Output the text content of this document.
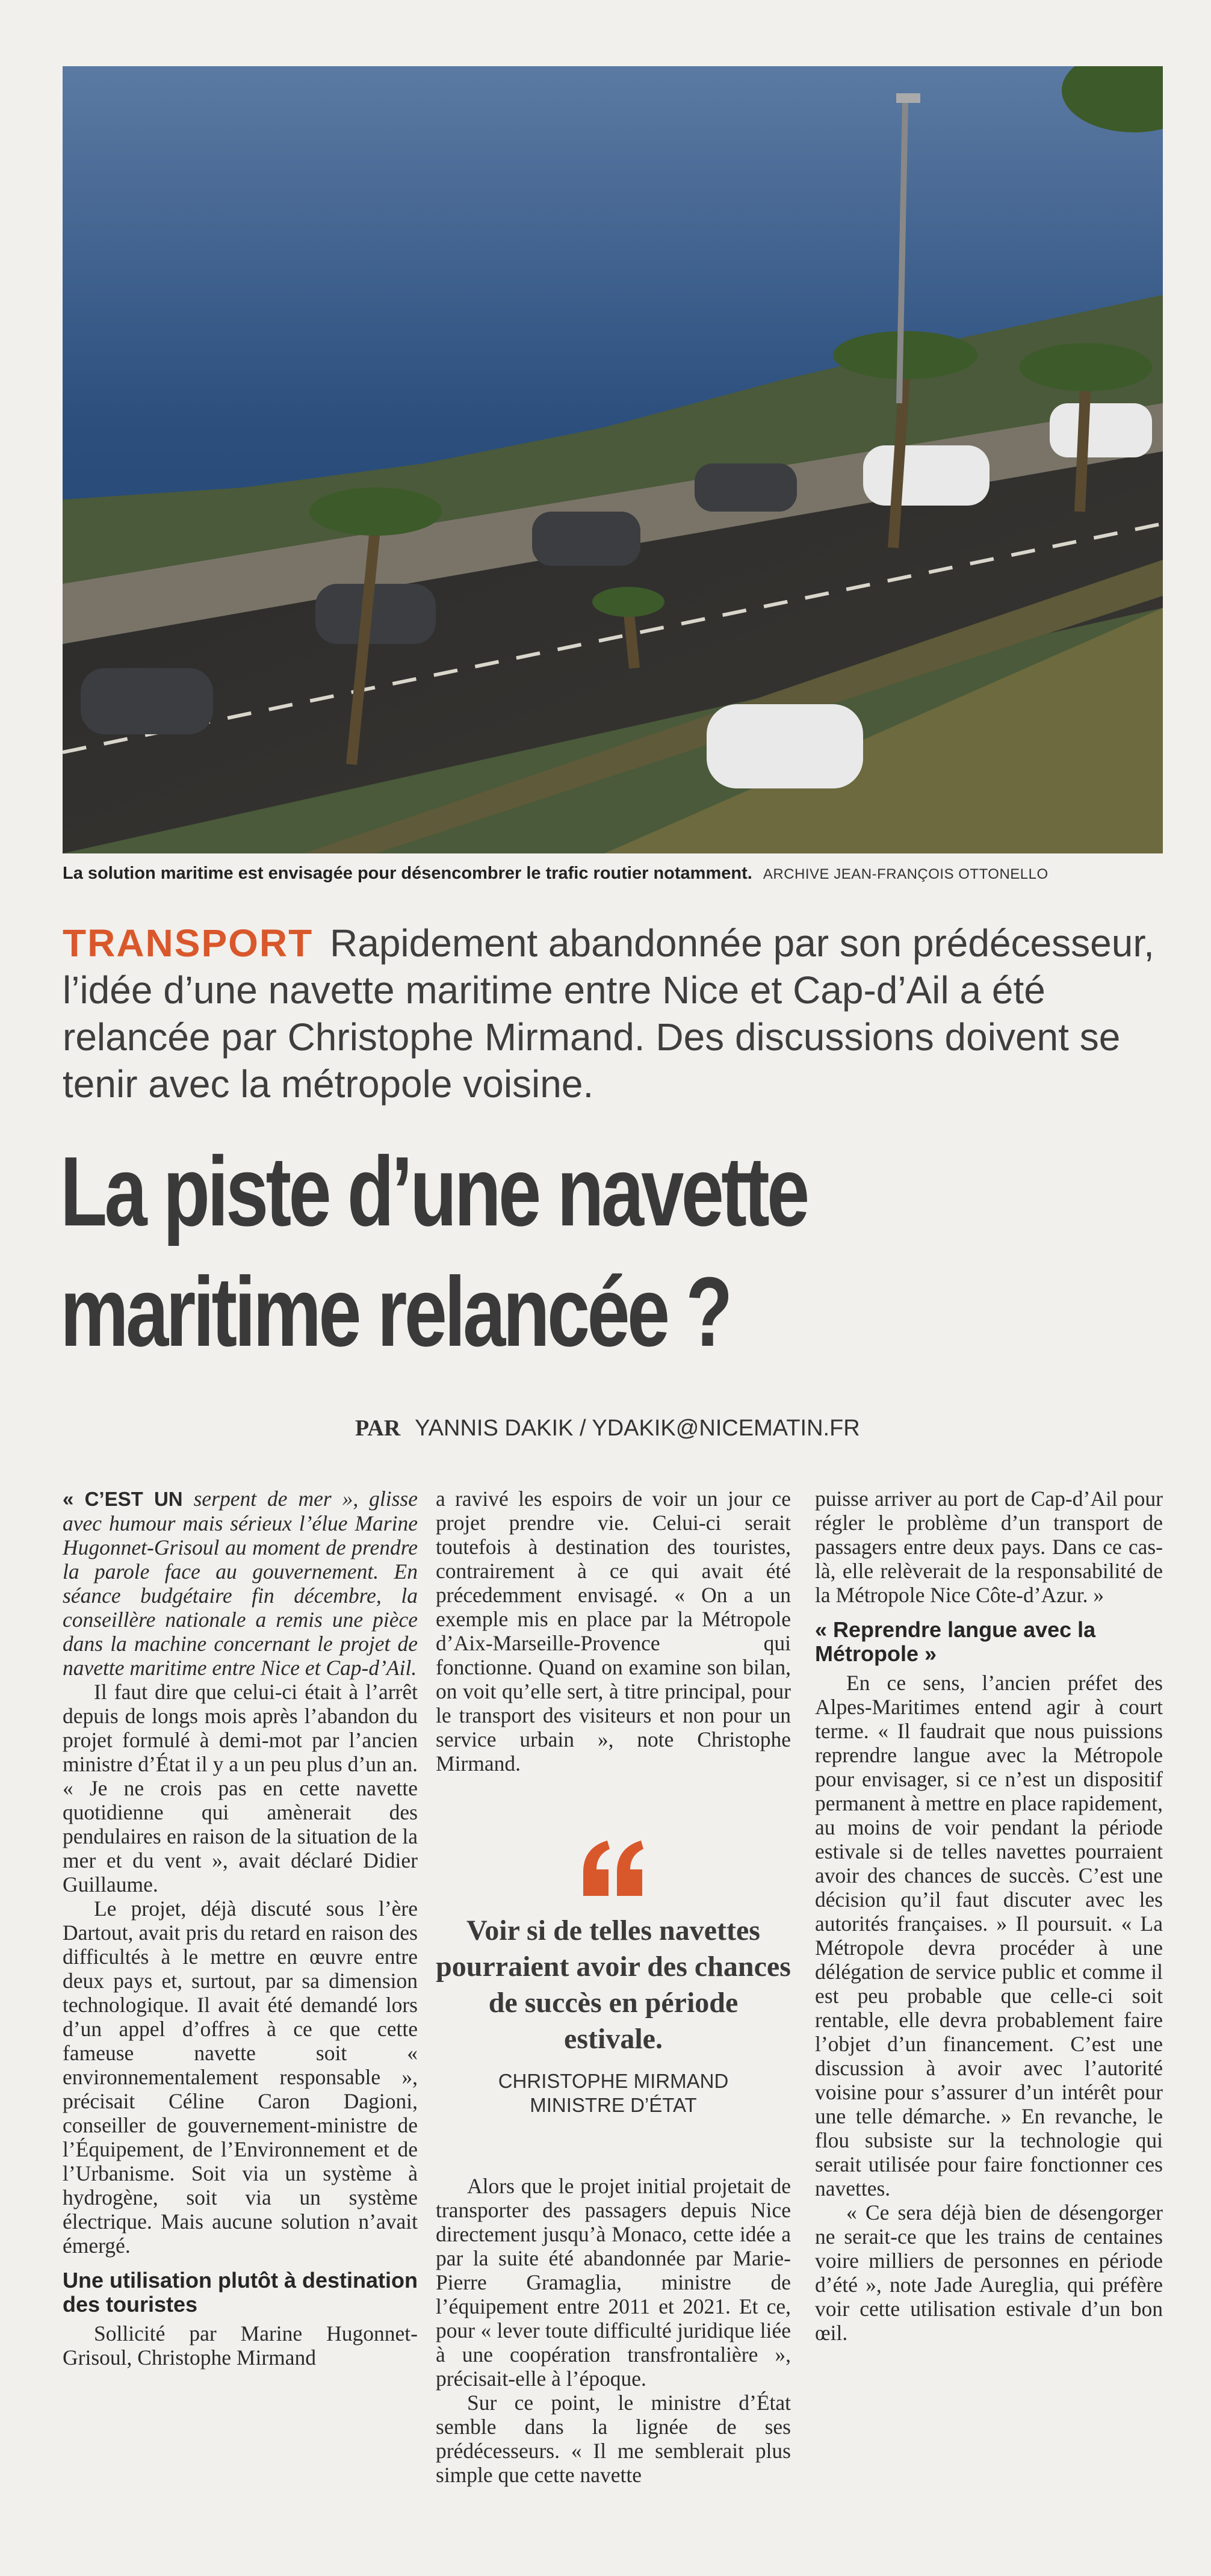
La solution maritime est envisagée pour désencombrer le trafic routier notamment. ARCHIVE JEAN-FRANÇOIS OTTONELLO
TRANSPORT Rapidement abandonnée par son prédécesseur, l’idée d’une navette maritime entre Nice et Cap-d’Ail a été relancée par Christophe Mirmand. Des discussions doivent se tenir avec la métropole voisine.
La piste d’une navette
maritime relancée ?
PAR YANNIS DAKIK / YDAKIK@NICEMATIN.FR

« C’EST UN serpent de mer », glisse avec humour mais sérieux l’élue Marine Hugonnet-Grisoul au moment de prendre la parole face au gouvernement. En séance budgétaire fin décembre, la conseillère nationale a remis une pièce dans la machine concernant le projet de navette maritime entre Nice et Cap-d’Ail.

Il faut dire que celui-ci était à l’arrêt depuis de longs mois après l’abandon du projet formulé à demi-mot par l’ancien ministre d’État il y a un peu plus d’un an. « Je ne crois pas en cette navette quotidienne qui amènerait des pendulaires en raison de la situation de la mer et du vent », avait déclaré Didier Guillaume.

Le projet, déjà discuté sous l’ère Dartout, avait pris du retard en raison des difficultés à le mettre en œuvre entre deux pays et, surtout, par sa dimension technologique. Il avait été demandé lors d’un appel d’offres à ce que cette fameuse navette soit « environnementalement responsable », précisait Céline Caron Dagioni, conseiller de gouvernement-ministre de l’Équipement, de l’Environnement et de l’Urbanisme. Soit via un système à hydrogène, soit via un système électrique. Mais aucune solution n’avait émergé.

Une utilisation plutôt à destination des touristes

Sollicité par Marine Hugonnet-Grisoul, Christophe Mirmand

a ravivé les espoirs de voir un jour ce projet prendre vie. Celui-ci serait toutefois à destination des touristes, contrairement à ce qui avait été précedemment envisagé. « On a un exemple mis en place par la Métropole d’Aix-Marseille-Provence qui fonctionne. Quand on examine son bilan, on voit qu’elle sert, à titre principal, pour le transport des visiteurs et non pour un service urbain », note Christophe Mirmand.

Voir si de telles navettes pourraient avoir des chances de succès en période estivale.
CHRISTOPHE MIRMAND
MINISTRE D’ÉTAT

Alors que le projet initial projetait de transporter des passagers depuis Nice directement jusqu’à Monaco, cette idée a par la suite été abandonnée par Marie-Pierre Gramaglia, ministre de l’équipement entre 2011 et 2021. Et ce, pour « lever toute difficulté juridique liée à une coopération transfrontalière », précisait-elle à l’époque.

Sur ce point, le ministre d’État semble dans la lignée de ses prédécesseurs. « Il me semblerait plus simple que cette navette

puisse arriver au port de Cap-d’Ail pour régler le problème d’un transport de passagers entre deux pays. Dans ce cas-là, elle relèverait de la responsabilité de la Métropole Nice Côte-d’Azur. »

« Reprendre langue avec la Métropole »

En ce sens, l’ancien préfet des Alpes-Maritimes entend agir à court terme. « Il faudrait que nous puissions reprendre langue avec la Métropole pour envisager, si ce n’est un dispositif permanent à mettre en place rapidement, au moins de voir pendant la période estivale si de telles navettes pourraient avoir des chances de succès. C’est une décision qu’il faut discuter avec les autorités françaises. » Il poursuit. « La Métropole devra procéder à une délégation de service public et comme il est peu probable que celle-ci soit rentable, elle devra probablement faire l’objet d’un financement. C’est une discussion à avoir avec l’autorité voisine pour s’assurer d’un intérêt pour une telle démarche. » En revanche, le flou subsiste sur la technologie qui serait utilisée pour faire fonctionner ces navettes.

« Ce sera déjà bien de désengorger ne serait-ce que les trains de centaines voire milliers de personnes en période d’été », note Jade Aureglia, qui préfère voir cette utilisation estivale d’un bon œil.
